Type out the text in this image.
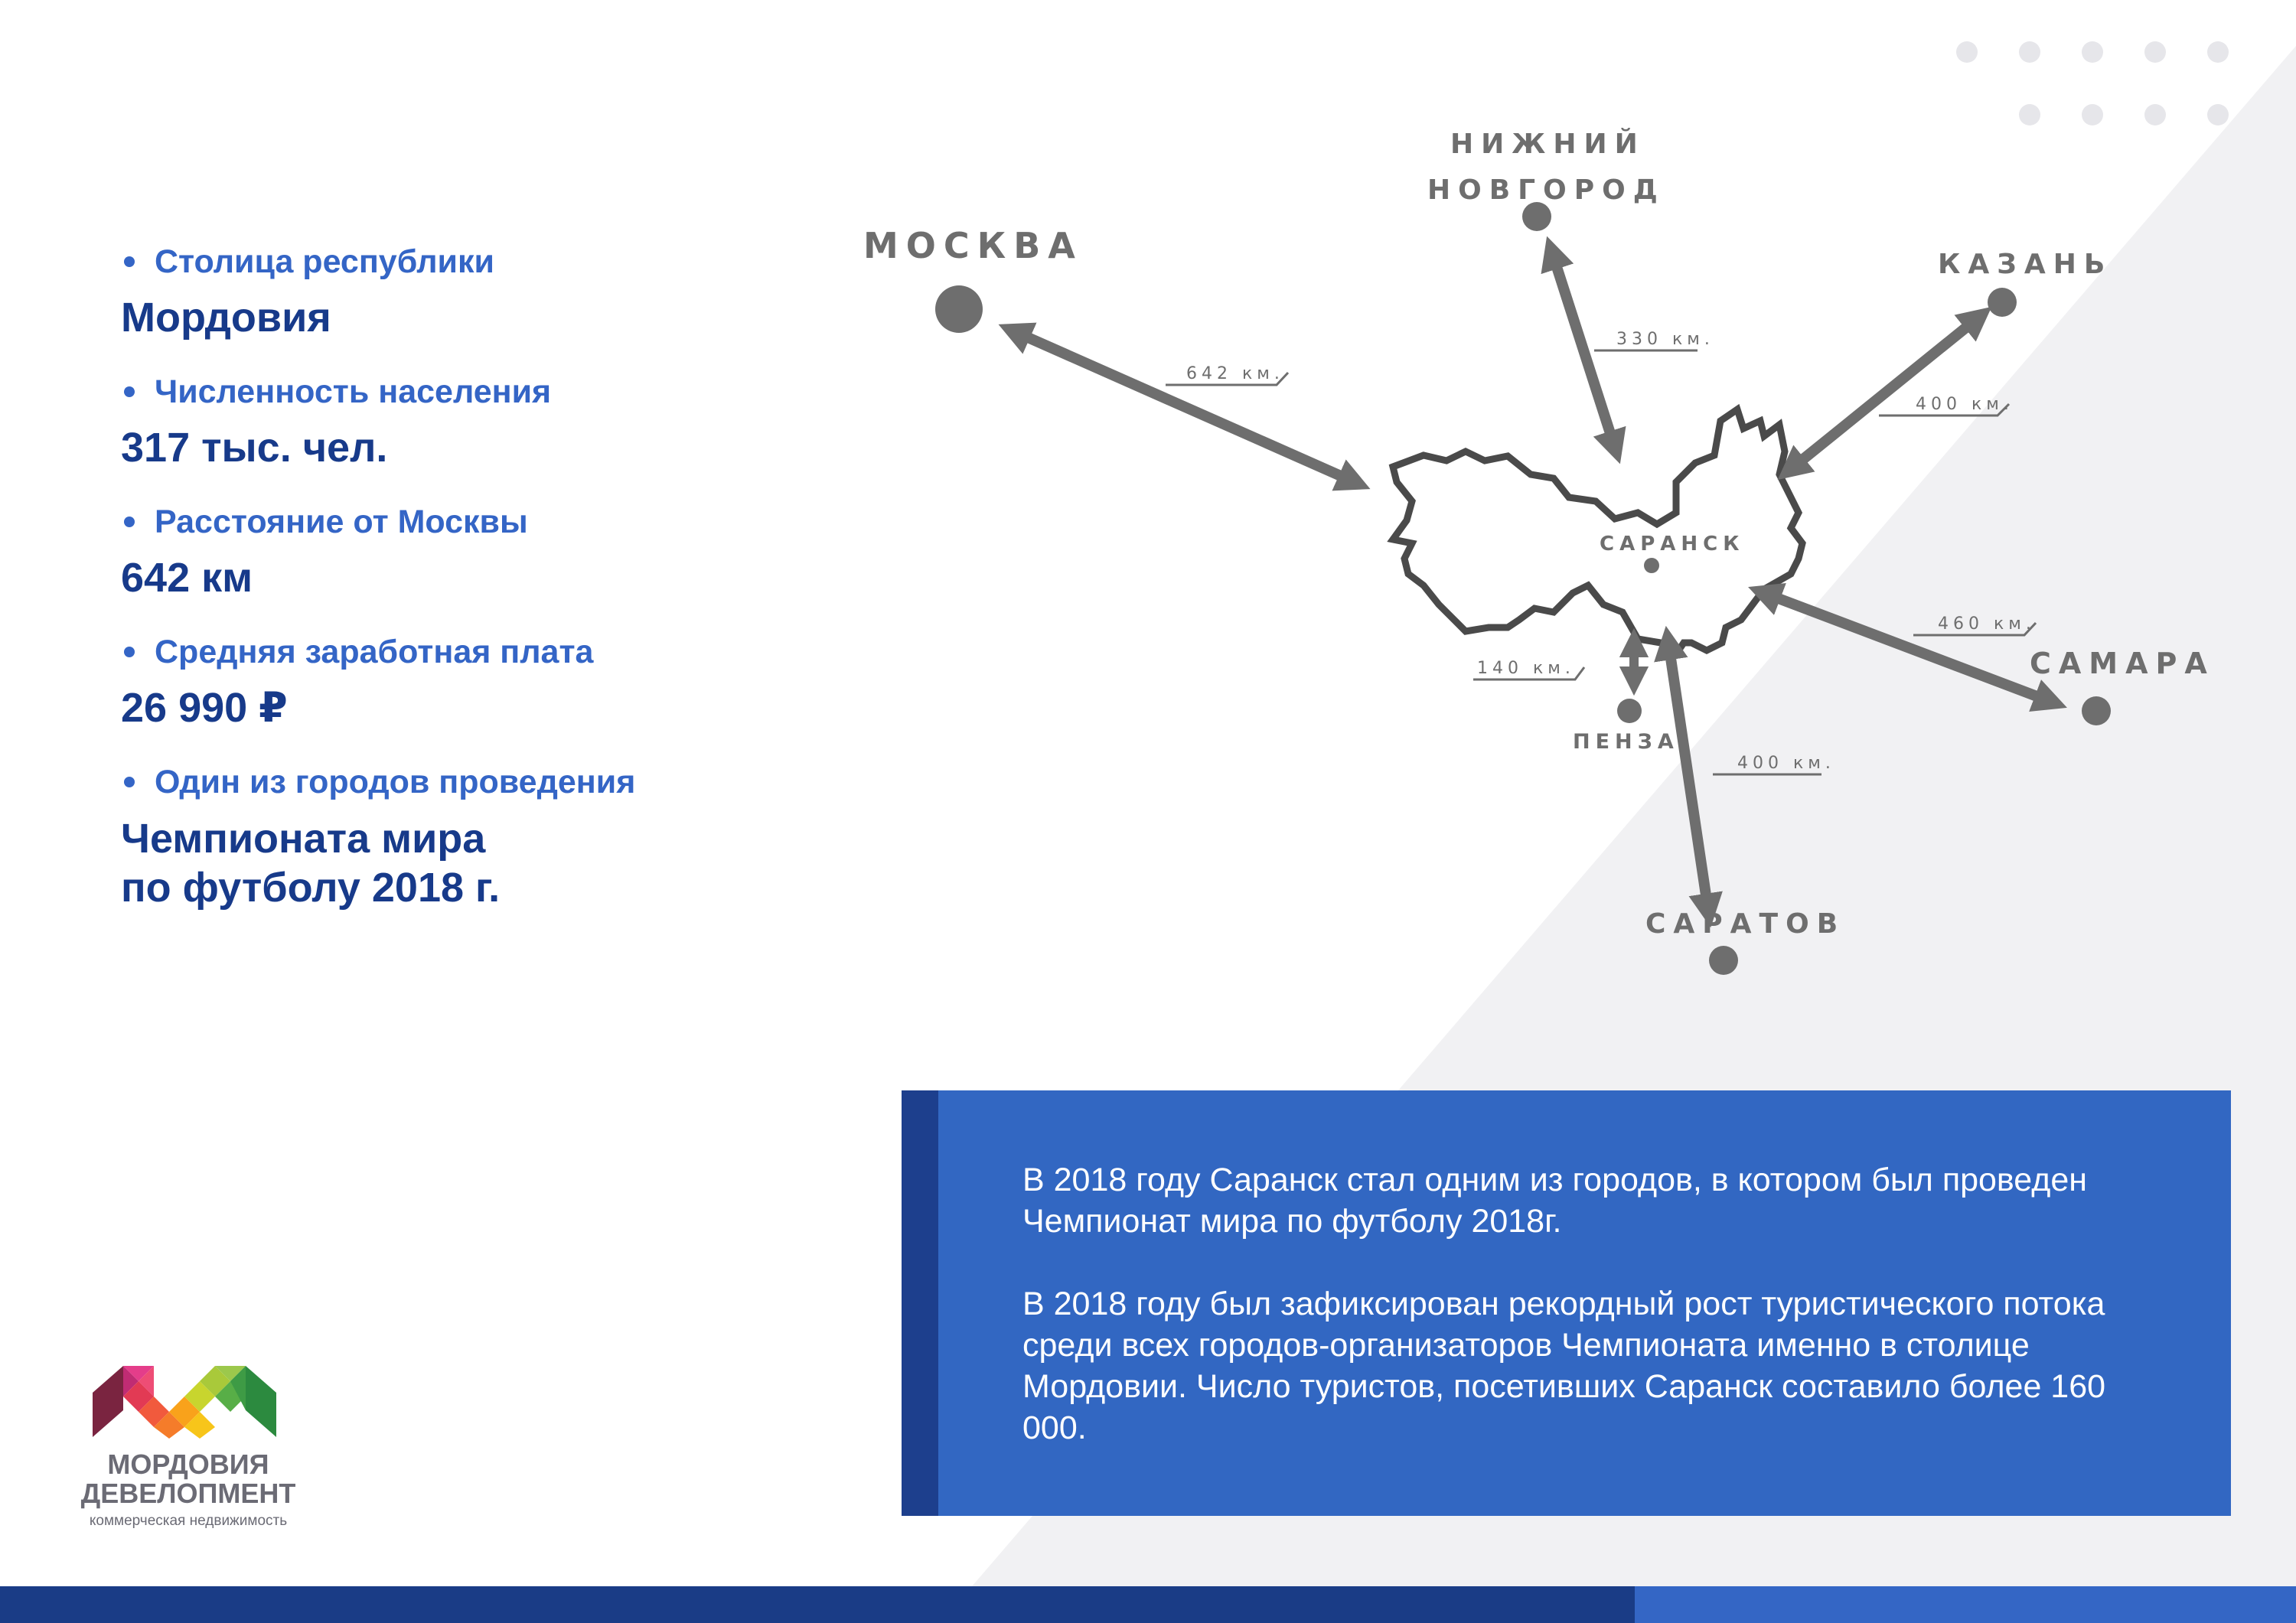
Столица республики
Мордовия
Численность населения
317 тыс. чел.
Расстояние от Москвы
642 км
Средняя заработная плата
26 990 ₽
Один из городов проведения
Чемпионата мира
по футболу 2018 г.
МОСКВА
НИЖНИЙ
НОВГОРОД
КАЗАНЬ
САМАРА
ПЕНЗА
САРАТОВ
САРАНСК
642 км.
330 км.
400 км.
460 км.
140 км.
400 км.

В 2018 году Саранск стал одним из городов, в котором был проведен Чемпионат мира по футболу 2018г.

В 2018 году был зафиксирован рекордный рост туристического потока среди всех городов-организаторов Чемпионата именно в столице Мордовии. Число туристов, посетивших Саранск составило более 160 000.

МОРДОВИЯ
ДЕВЕЛОПМЕНТ
коммерческая недвижимость
